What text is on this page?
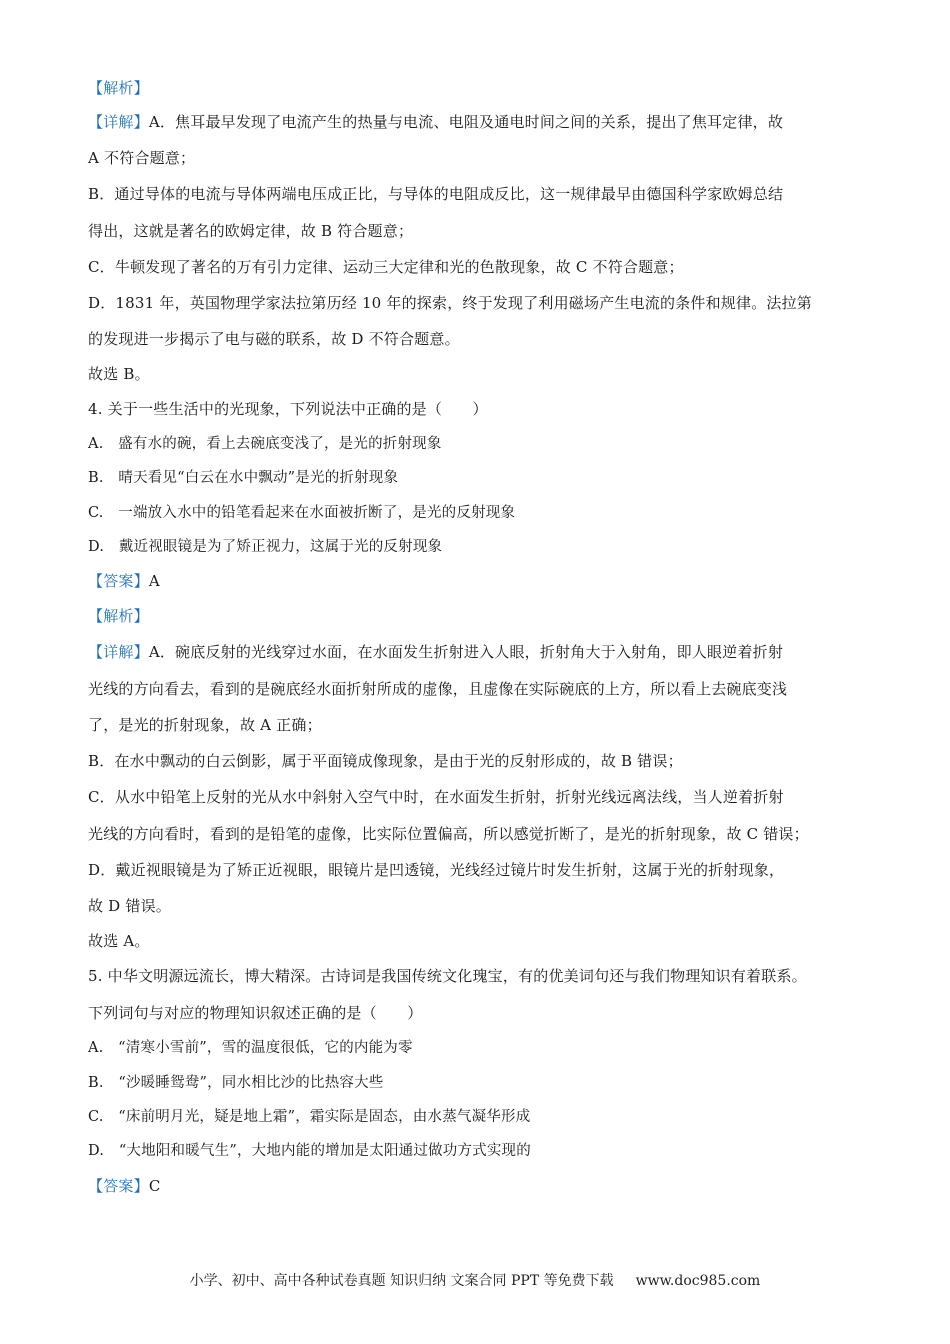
【解析】
【详解】A．焦耳最早发现了电流产生的热量与电流、电阻及通电时间之间的关系，提出了焦耳定律，故
A 不符合题意；
B．通过导体的电流与导体两端电压成正比，与导体的电阻成反比，这一规律最早由德国科学家欧姆总结
得出，这就是著名的欧姆定律，故 B 符合题意；
C．牛顿发现了著名的万有引力定律、运动三大定律和光的色散现象，故 C 不符合题意；
D．1831 年，英国物理学家法拉第历经 10 年的探索，终于发现了利用磁场产生电流的条件和规律。法拉第
的发现进一步揭示了电与磁的联系，故 D 不符合题意。
故选 B。
4. 关于一些生活中的光现象，下列说法中正确的是（　　）
A.　盛有水的碗，看上去碗底变浅了，是光的折射现象
B.　晴天看见“白云在水中飘动”是光的折射现象
C.　一端放入水中的铅笔看起来在水面被折断了，是光的反射现象
D.　戴近视眼镜是为了矫正视力，这属于光的反射现象
【答案】A
【解析】
【详解】A．碗底反射的光线穿过水面，在水面发生折射进入人眼，折射角大于入射角，即人眼逆着折射
光线的方向看去，看到的是碗底经水面折射所成的虚像，且虚像在实际碗底的上方，所以看上去碗底变浅
了，是光的折射现象，故 A 正确；
B．在水中飘动的白云倒影，属于平面镜成像现象，是由于光的反射形成的，故 B 错误；
C．从水中铅笔上反射的光从水中斜射入空气中时，在水面发生折射，折射光线远离法线，当人逆着折射
光线的方向看时，看到的是铅笔的虚像，比实际位置偏高，所以感觉折断了，是光的折射现象，故 C 错误；
D．戴近视眼镜是为了矫正近视眼，眼镜片是凹透镜，光线经过镜片时发生折射，这属于光的折射现象，
故 D 错误。
故选 A。
5. 中华文明源远流长，博大精深。古诗词是我国传统文化瑰宝，有的优美词句还与我们物理知识有着联系。
下列词句与对应的物理知识叙述正确的是（　　）
A.　“清寒小雪前”，雪的温度很低，它的内能为零
B.　“沙暖睡鸳鸯”，同水相比沙的比热容大些
C.　“床前明月光，疑是地上霜”，霜实际是固态，由水蒸气凝华形成
D.　“大地阳和暖气生”，大地内能的增加是太阳通过做功方式实现的
【答案】C
小学、初中、高中各种试卷真题 知识归纳 文案合同 PPT 等免费下载 www.doc985.com
